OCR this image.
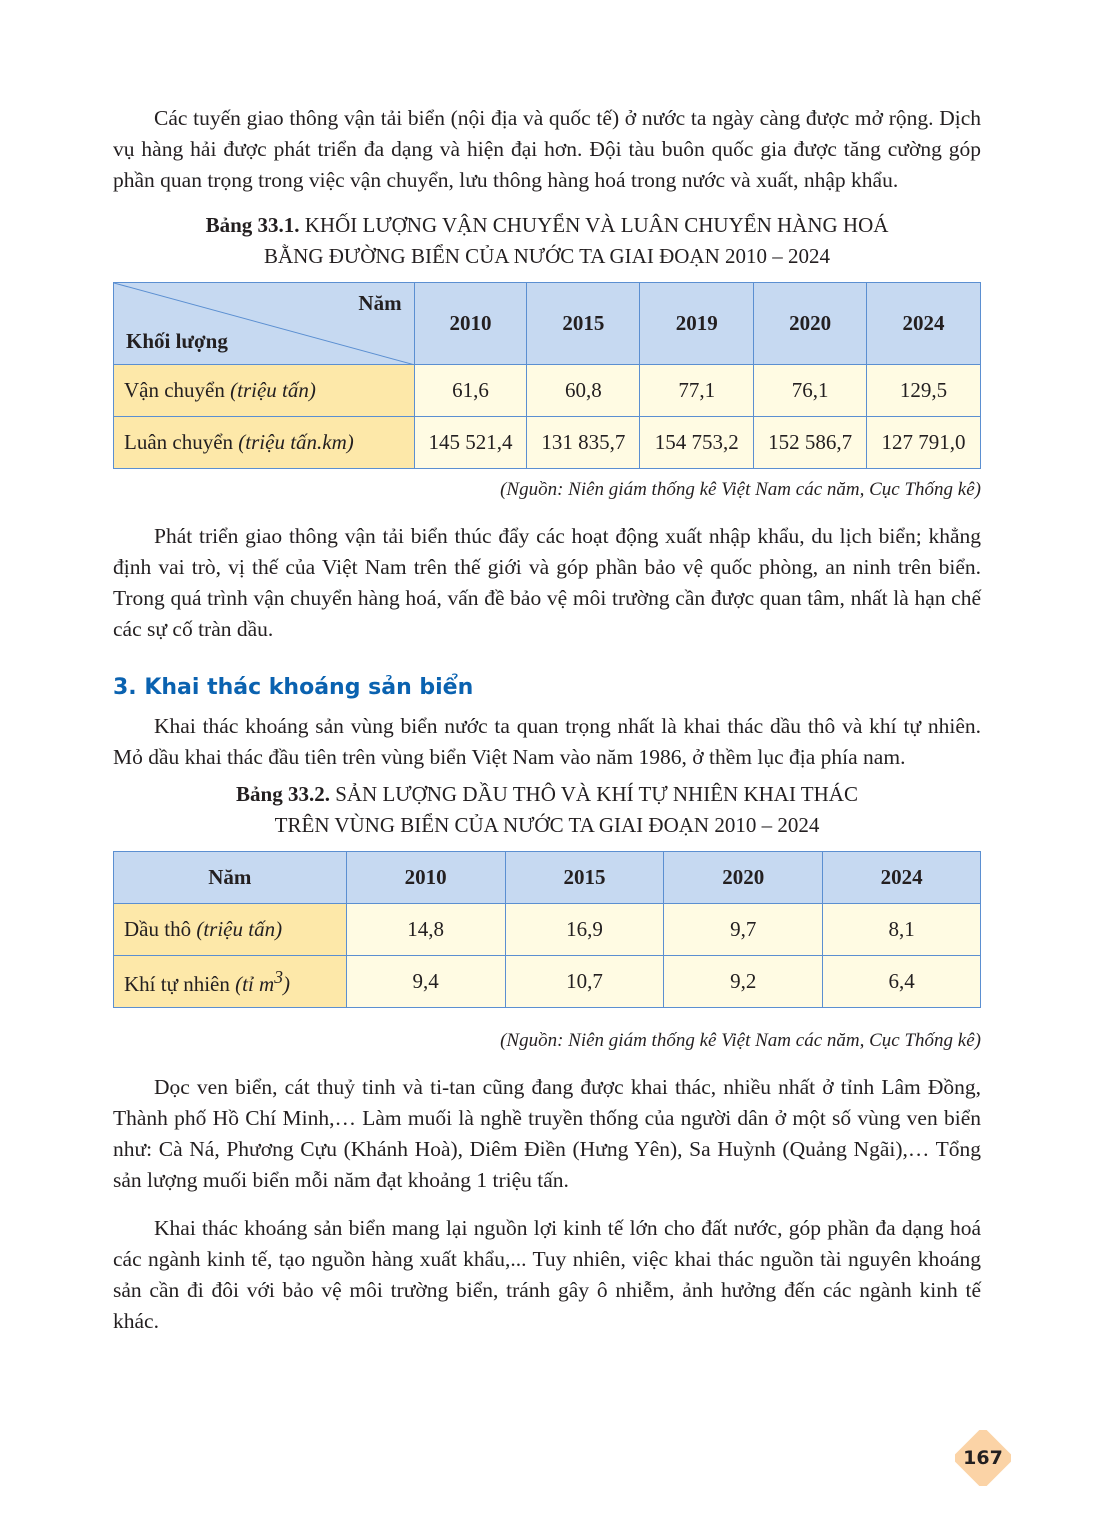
Các tuyến giao thông vận tải biển (nội địa và quốc tế) ở nước ta ngày càng được mở rộng. Dịch vụ hàng hải được phát triển đa dạng và hiện đại hơn. Đội tàu buôn quốc gia được tăng cường góp phần quan trọng trong việc vận chuyển, lưu thông hàng hoá trong nước và xuất, nhập khẩu.

Bảng 33.1. KHỐI LƯỢNG VẬN CHUYỂN VÀ LUÂN CHUYỂN HÀNG HOÁ

BẰNG ĐƯỜNG BIỂN CỦA NƯỚC TA GIAI ĐOẠN 2010 – 2024

Năm
Khối lượng	2010	2015	2019	2020	2024
Vận chuyển (triệu tấn)	61,6	60,8	77,1	76,1	129,5
Luân chuyển (triệu tấn.km)	145 521,4	131 835,7	154 753,2	152 586,7	127 791,0

(Nguồn: Niên giám thống kê Việt Nam các năm, Cục Thống kê)

Phát triển giao thông vận tải biển thúc đẩy các hoạt động xuất nhập khẩu, du lịch biển; khẳng định vai trò, vị thế của Việt Nam trên thế giới và góp phần bảo vệ quốc phòng, an ninh trên biển. Trong quá trình vận chuyển hàng hoá, vấn đề bảo vệ môi trường cần được quan tâm, nhất là hạn chế các sự cố tràn dầu.

3. Khai thác khoáng sản biển

Khai thác khoáng sản vùng biển nước ta quan trọng nhất là khai thác dầu thô và khí tự nhiên. Mỏ dầu khai thác đầu tiên trên vùng biển Việt Nam vào năm 1986, ở thềm lục địa phía nam.

Bảng 33.2. SẢN LƯỢNG DẦU THÔ VÀ KHÍ TỰ NHIÊN KHAI THÁC

TRÊN VÙNG BIỂN CỦA NƯỚC TA GIAI ĐOẠN 2010 – 2024

Năm	2010	2015	2020	2024
Dầu thô (triệu tấn)	14,8	16,9	9,7	8,1
Khí tự nhiên (tỉ $m^3$)	9,4	10,7	9,2	6,4

(Nguồn: Niên giám thống kê Việt Nam các năm, Cục Thống kê)

Dọc ven biển, cát thuỷ tinh và ti-tan cũng đang được khai thác, nhiều nhất ở tỉnh Lâm Đồng, Thành phố Hồ Chí Minh,… Làm muối là nghề truyền thống của người dân ở một số vùng ven biển như: Cà Ná, Phương Cựu (Khánh Hoà), Diêm Điền (Hưng Yên), Sa Huỳnh (Quảng Ngãi),… Tổng sản lượng muối biển mỗi năm đạt khoảng 1 triệu tấn.

Khai thác khoáng sản biển mang lại nguồn lợi kinh tế lớn cho đất nước, góp phần đa dạng hoá các ngành kinh tế, tạo nguồn hàng xuất khẩu,... Tuy nhiên, việc khai thác nguồn tài nguyên khoáng sản cần đi đôi với bảo vệ môi trường biển, tránh gây ô nhiễm, ảnh hưởng đến các ngành kinh tế khác.

167
